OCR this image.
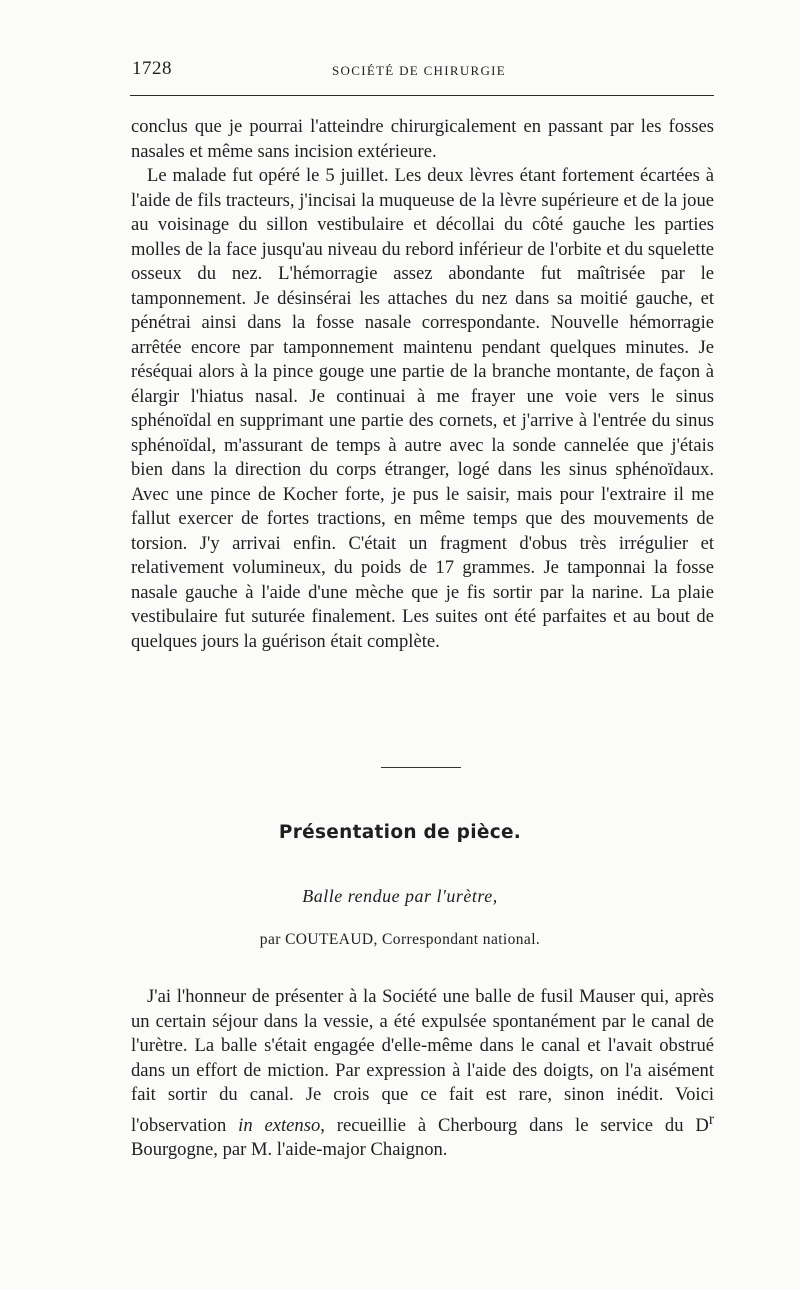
1728	SOCIÉTÉ DE CHIRURGIE

conclus que je pourrai l'atteindre chirurgicalement en passant par les fosses nasales et même sans incision extérieure.

Le malade fut opéré le 5 juillet. Les deux lèvres étant fortement écartées à l'aide de fils tracteurs, j'incisai la muqueuse de la lèvre supérieure et de la joue au voisinage du sillon vestibulaire et décollai du côté gauche les parties molles de la face jusqu'au niveau du rebord inférieur de l'orbite et du squelette osseux du nez. L'hémorragie assez abondante fut maîtrisée par le tamponnement. Je désinsérai les attaches du nez dans sa moitié gauche, et pénétrai ainsi dans la fosse nasale correspondante. Nouvelle hémorragie arrêtée encore par tamponnement maintenu pendant quelques minutes. Je réséquai alors à la pince gouge une partie de la branche montante, de façon à élargir l'hiatus nasal. Je continuai à me frayer une voie vers le sinus sphénoïdal en supprimant une partie des cornets, et j'arrive à l'entrée du sinus sphénoïdal, m'assurant de temps à autre avec la sonde cannelée que j'étais bien dans la direction du corps étranger, logé dans les sinus sphénoïdaux. Avec une pince de Kocher forte, je pus le saisir, mais pour l'extraire il me fallut exercer de fortes tractions, en même temps que des mouvements de torsion. J'y arrivai enfin. C'était un fragment d'obus très irrégulier et relativement volumineux, du poids de 17 grammes. Je tamponnai la fosse nasale gauche à l'aide d'une mèche que je fis sortir par la narine. La plaie vestibulaire fut suturée finalement. Les suites ont été parfaites et au bout de quelques jours la guérison était complète.

Présentation de pièce.
Balle rendue par l'urètre,
par COUTEAUD, Correspondant national.

J'ai l'honneur de présenter à la Société une balle de fusil Mauser qui, après un certain séjour dans la vessie, a été expulsée spontanément par le canal de l'urètre. La balle s'était engagée d'elle-même dans le canal et l'avait obstrué dans un effort de miction. Par expression à l'aide des doigts, on l'a aisément fait sortir du canal. Je crois que ce fait est rare, sinon inédit. Voici l'observation in extenso, recueillie à Cherbourg dans le service du $D^r$ Bourgogne, par M. l'aide-major Chaignon.
